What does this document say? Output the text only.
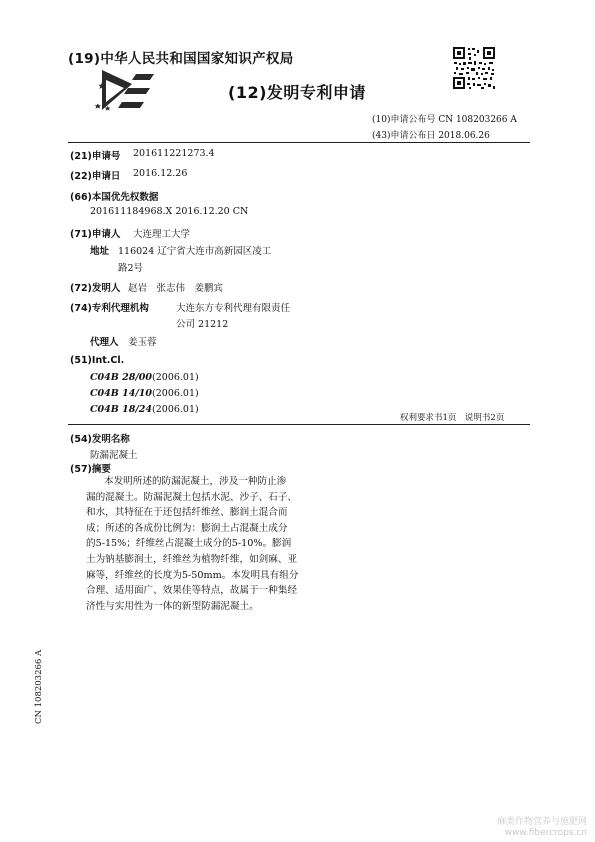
(19)中华人民共和国国家知识产权局
(12)发明专利申请
(10)申请公布号 CN 108203266 A
(43)申请公布日 2018.06.26
(21)申请号 201611221273.4
(22)申请日 2016.12.26
(66)本国优先权数据
201611184968.X 2016.12.20 CN
(71)申请人 大连理工大学
地址 116024 辽宁省大连市高新园区凌工
路2号
(72)发明人 赵岩　张志伟　姜鹏宾
(74)专利代理机构	大连东方专利代理有限责任
公司 21212
代理人 姜玉蓉
(51)Int.Cl.
C04B 28/00(2006.01)
C04B 14/10(2006.01)
C04B 18/24(2006.01)
权利要求书1页　说明书2页
(54)发明名称
防漏泥凝土
(57)摘要

本发明所述的防漏泥凝土，涉及一种防止渗

漏的混凝土。防漏泥凝土包括水泥、沙子、石子、

和水，其特征在于还包括纤维丝、膨润土混合而

成；所述的各成份比例为：膨润土占混凝土成分

的5-15%；纤维丝占混凝土成分的5-10%。膨润

土为钠基膨润土，纤维丝为植物纤维，如剑麻、亚

麻等，纤维丝的长度为5-50mm。本发明具有组分

合理、适用面广、效果佳等特点，故属于一种集经

济性与实用性为一体的新型防漏泥凝土。

CN 108203266 A
麻类作物营养与施肥网
www.fibercrops.cn
